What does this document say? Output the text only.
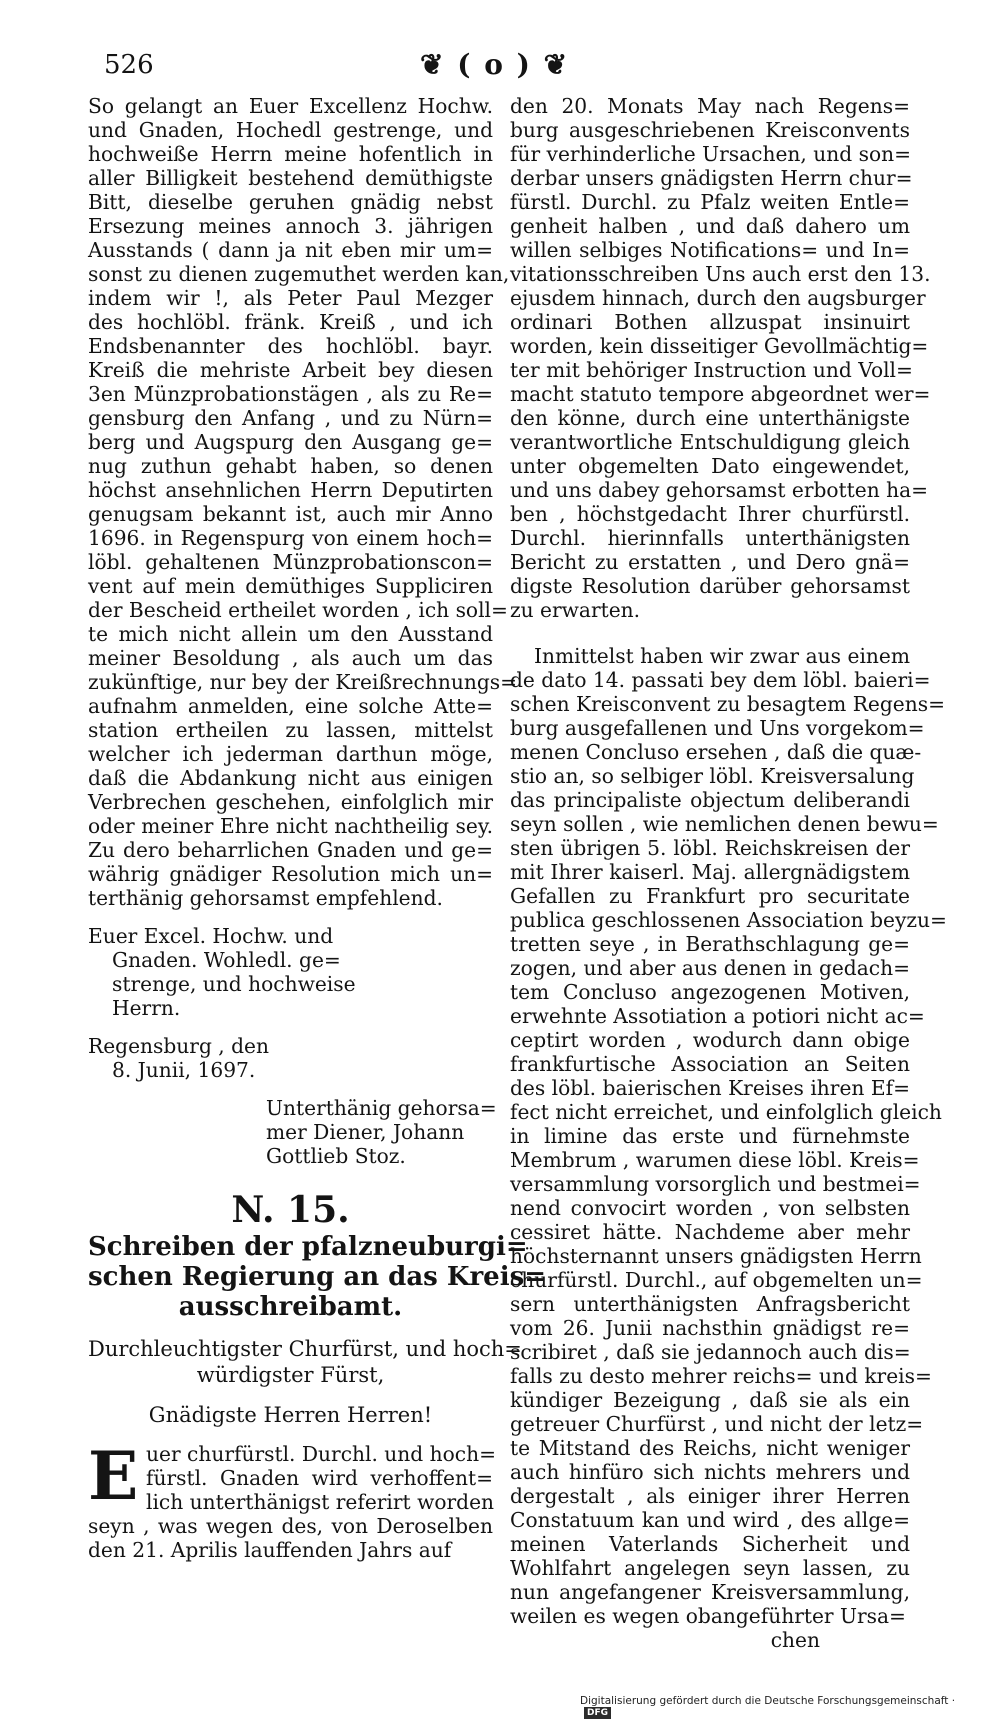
526	❦ ( o ) ❦
So gelangt an Euer Excellenz Hochw.
und Gnaden, Hochedl gestrenge, und
hochweiße Herrn meine hofentlich in
aller Billigkeit bestehend demüthigste
Bitt, dieselbe geruhen gnädig nebst
Ersezung meines annoch 3. jährigen
Ausstands ( dann ja nit eben mir um=
sonst zu dienen zugemuthet werden kan,
indem wir !, als Peter Paul Mezger
des hochlöbl. fränk. Kreiß , und ich
Endsbenannter des hochlöbl. bayr.
Kreiß die mehriste Arbeit bey diesen
3en Münzprobationstägen , als zu Re=
gensburg den Anfang , und zu Nürn=
berg und Augspurg den Ausgang ge=
nug zuthun gehabt haben, so denen
höchst ansehnlichen Herrn Deputirten
genugsam bekannt ist, auch mir Anno
1696. in Regenspurg von einem hoch=
löbl. gehaltenen Münzprobationscon=
vent auf mein demüthiges Suppliciren
der Bescheid ertheilet worden , ich soll=
te mich nicht allein um den Ausstand
meiner Besoldung , als auch um das
zukünftige, nur bey der Kreißrechnungs=
aufnahm anmelden, eine solche Atte=
station ertheilen zu lassen, mittelst
welcher ich jederman darthun möge,
daß die Abdankung nicht aus einigen
Verbrechen geschehen, einfolglich mir
oder meiner Ehre nicht nachtheilig sey.
Zu dero beharrlichen Gnaden und ge=
währig gnädiger Resolution mich un=
terthänig gehorsamst empfehlend.
Euer Excel. Hochw. und
Gnaden. Wohledl. ge=
strenge, und hochweise
Herrn.
Regensburg , den
8. Junii, 1697.
Unterthänig gehorsa=
mer Diener, Johann
Gottlieb Stoz.
N. 15.
Schreiben der pfalzneuburgi=
schen Regierung an das Kreis=
ausschreibamt.
Durchleuchtigster Churfürst, und hoch=
würdigster Fürst,
Gnädigste Herren Herren!
E uer churfürstl. Durchl. und hoch=
fürstl. Gnaden wird verhoffent=
lich unterthänigst referirt worden
seyn , was wegen des, von Deroselben
den 21. Aprilis lauffenden Jahrs auf
den 20. Monats May nach Regens=
burg ausgeschriebenen Kreisconvents
für verhinderliche Ursachen, und son=
derbar unsers gnädigsten Herrn chur=
fürstl. Durchl. zu Pfalz weiten Entle=
genheit halben , und daß dahero um
willen selbiges Notifications= und In=
vitationsschreiben Uns auch erst den 13.
ejusdem hinnach, durch den augsburger
ordinari Bothen allzuspat insinuirt
worden, kein disseitiger Gevollmächtig=
ter mit behöriger Instruction und Voll=
macht statuto tempore abgeordnet wer=
den könne, durch eine unterthänigste
verantwortliche Entschuldigung gleich
unter obgemelten Dato eingewendet,
und uns dabey gehorsamst erbotten ha=
ben , höchstgedacht Ihrer churfürstl.
Durchl. hierinnfalls unterthänigsten
Bericht zu erstatten , und Dero gnä=
digste Resolution darüber gehorsamst
zu erwarten.
Inmittelst haben wir zwar aus einem
de dato 14. passati bey dem löbl. baieri=
schen Kreisconvent zu besagtem Regens=
burg ausgefallenen und Uns vorgekom=
menen Concluso ersehen , daß die quæ-
stio an, so selbiger löbl. Kreisversalung
das principaliste objectum deliberandi
seyn sollen , wie nemlichen denen bewu=
sten übrigen 5. löbl. Reichskreisen der
mit Ihrer kaiserl. Maj. allergnädigstem
Gefallen zu Frankfurt pro securitate
publica geschlossenen Association beyzu=
tretten seye , in Berathschlagung ge=
zogen, und aber aus denen in gedach=
tem Concluso angezogenen Motiven,
erwehnte Assotiation a potiori nicht ac=
ceptirt worden , wodurch dann obige
frankfurtische Association an Seiten
des löbl. baierischen Kreises ihren Ef=
fect nicht erreichet, und einfolglich gleich
in limine das erste und fürnehmste
Membrum , warumen diese löbl. Kreis=
versammlung vorsorglich und bestmei=
nend convocirt worden , von selbsten
cessiret hätte. Nachdeme aber mehr
höchsternannt unsers gnädigsten Herrn
churfürstl. Durchl., auf obgemelten un=
sern unterthänigsten Anfragsbericht
vom 26. Junii nachsthin gnädigst re=
scribiret , daß sie jedannoch auch dis=
falls zu desto mehrer reichs= und kreis=
kündiger Bezeigung , daß sie als ein
getreuer Churfürst , und nicht der letz=
te Mitstand des Reichs, nicht weniger
auch hinfüro sich nichts mehrers und
dergestalt , als einiger ihrer Herren
Constatuum kan und wird , des allge=
meinen Vaterlands Sicherheit und
Wohlfahrt angelegen seyn lassen, zu
nun angefangener Kreisversammlung,
weilen es wegen obangeführter Ursa=
chen
Digitalisierung gefördert durch die Deutsche Forschungsgemeinschaft · DFG
